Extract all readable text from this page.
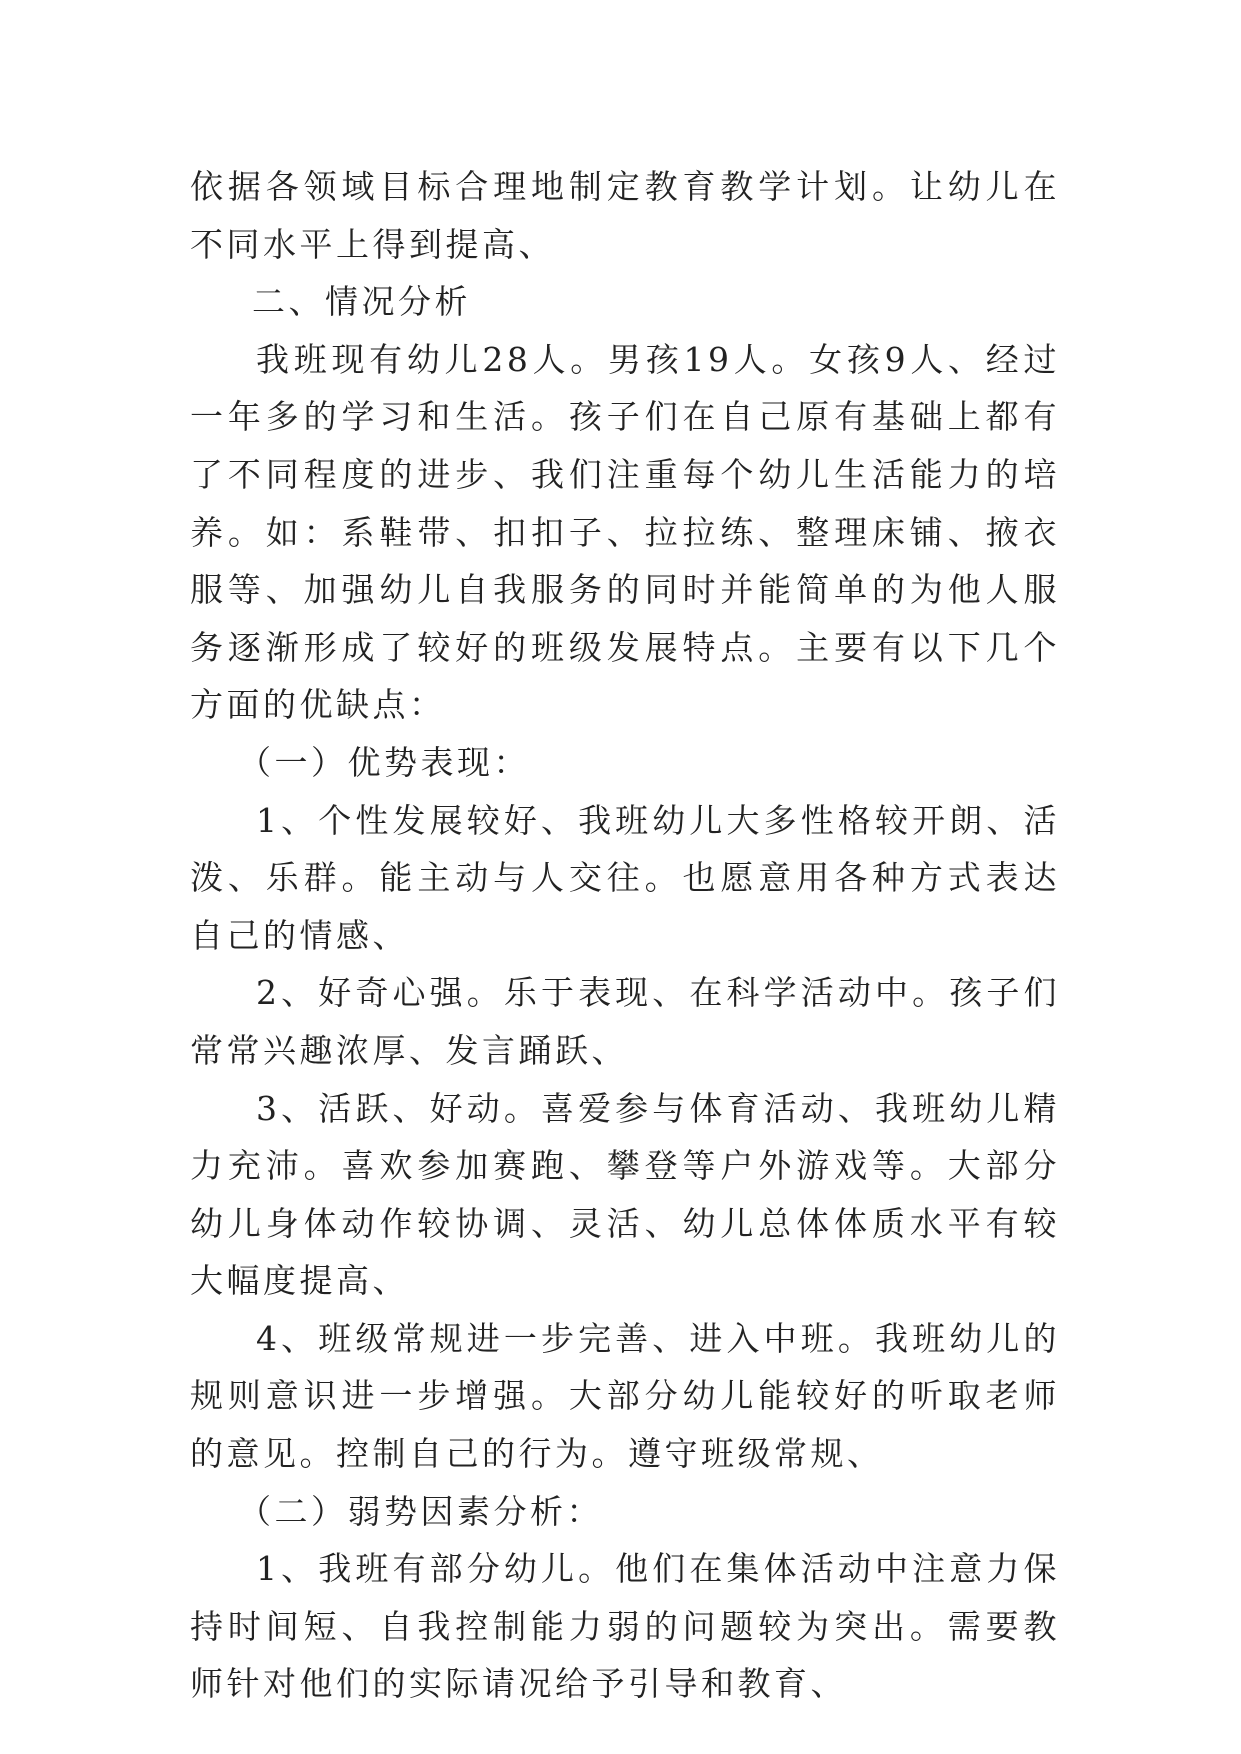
依据各领域目标合理地制定教育教学计划。让幼儿在不同水平上得到提高、

二、情况分析

我班现有幼儿28人。男孩19人。女孩9人、经过一年多的学习和生活。孩子们在自己原有基础上都有了不同程度的进步、我们注重每个幼儿生活能力的培养。如：系鞋带、扣扣子、拉拉练、整理床铺、掖衣服等、加强幼儿自我服务的同时并能简单的为他人服务逐渐形成了较好的班级发展特点。主要有以下几个方面的优缺点：

（一）优势表现：

1、个性发展较好、我班幼儿大多性格较开朗、活泼、乐群。能主动与人交往。也愿意用各种方式表达自己的情感、

2、好奇心强。乐于表现、在科学活动中。孩子们常常兴趣浓厚、发言踊跃、

3、活跃、好动。喜爱参与体育活动、我班幼儿精力充沛。喜欢参加赛跑、攀登等户外游戏等。大部分幼儿身体动作较协调、灵活、幼儿总体体质水平有较大幅度提高、

4、班级常规进一步完善、进入中班。我班幼儿的规则意识进一步增强。大部分幼儿能较好的听取老师的意见。控制自己的行为。遵守班级常规、

（二）弱势因素分析：

1、我班有部分幼儿。他们在集体活动中注意力保持时间短、自我控制能力弱的问题较为突出。需要教师针对他们的实际请况给予引导和教育、
